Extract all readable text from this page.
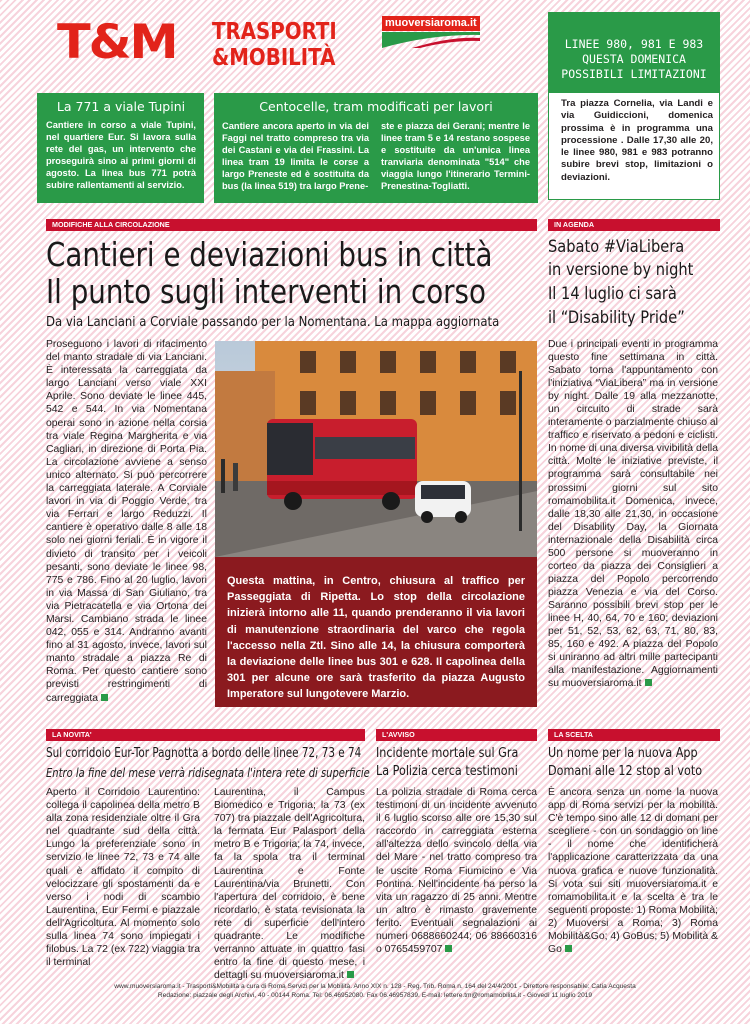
T&M TRASPORTI
&MOBILITÀ
muoversiaroma.it
LINEE 980, 981 E 983
QUESTA DOMENICA
POSSIBILI LIMITAZIONI
Tra piazza Cornelia, via Landi e via Guidiccioni, domenica prossima è in programma una processione . Dalle 17,30 alle 20, le linee 980, 981 e 983 potranno subire brevi stop, limitazioni o deviazioni.
La 771 a viale Tupini
Cantiere in corso a viale Tupini, nel quartiere Eur. Si lavora sulla rete del gas, un intervento che proseguirà sino ai primi giorni di agosto. La linea bus 771 potrà subire rallentamenti al servizio.
Centocelle, tram modificati per lavori
Cantiere ancora aperto in via dei Faggi nel tratto compreso tra via dei Castani e via dei Frassini. La linea tram 19 limita le corse a largo Preneste ed è sostituita da bus (la linea 519) tra largo Prene-
ste e piazza dei Gerani; mentre le linee tram 5 e 14 restano sospese e sostituite da un'unica linea tranviaria denominata "514" che viaggia lungo l'itinerario Termini-Prenestina-Togliatti.
MODIFICHE ALLA CIRCOLAZIONE
Cantieri e deviazioni bus in città
Il punto sugli interventi in corso
Da via Lanciani a Corviale passando per la Nomentana. La mappa aggiornata
Proseguono i lavori di rifacimento del manto stradale di via Lanciani. È interessata la carreggiata da largo Lanciani verso viale XXI Aprile. Sono deviate le linee 445, 542 e 544. In via Nomentana operai sono in azione nella corsia tra viale Regina Margherita e via Cagliari, in direzione di Porta Pia. La circolazione avviene a senso unico alternato. Si può percorrere la carreggiata laterale. A Corviale lavori in via di Poggio Verde, tra via Ferrari e largo Reduzzi. Il cantiere è operativo dalle 8 alle 18 solo nei giorni feriali. È in vigore il divieto di transito per i veicoli pesanti, sono deviate le linee 98, 775 e 786. Fino al 20 luglio, lavori in via Massa di San Giuliano, tra via Pietracatella e via Ortona dei Marsi. Cambiano strada le linee 042, 055 e 314. Andranno avanti fino al 31 agosto, invece, lavori sul manto stradale a piazza Re di Roma. Per questo cantiere sono previsti restringimenti di carreggiata
Questa mattina, in Centro, chiusura al traffico per Passeggiata di Ripetta. Lo stop della circolazione inizierà intorno alle 11, quando prenderanno il via lavori di manutenzione straordinaria del varco che regola l'accesso nella Ztl. Sino alle 14, la chiusura comporterà la deviazione delle linee bus 301 e 628. Il capolinea della 301 per alcune ore sarà trasferito da piazza Augusto Imperatore sul lungotevere Marzio.
IN AGENDA
Sabato #ViaLibera
in versione by night
Il 14 luglio ci sarà
il “Disability Pride”
Due i principali eventi in programma questo fine settimana in città. Sabato torna l'appuntamento con l'iniziativa “ViaLibera” ma in versione by night. Dalle 19 alla mezzanotte, un circuito di strade sarà interamente o parzialmente chiuso al traffico e riservato a pedoni e ciclisti. In nome di una diversa vivibilità della città. Molte le iniziative previste, il programma sarà consultabile nei prossimi giorni sul sito romamobilita.it Domenica, invece, dalle 18,30 alle 21,30, in occasione del Disability Day, la Giornata internazionale della Disabilità circa 500 persone si muoveranno in corteo da piazza dei Consiglieri a piazza del Popolo percorrendo piazza Venezia e via del Corso. Saranno possibili brevi stop per le linee H, 40, 64, 70 e 160; deviazioni per 51, 52, 53, 62, 63, 71, 80, 83, 85, 160 e 492. A piazza del Popolo si uniranno ad altri mille partecipanti alla manifestazione. Aggiornamenti su muoversiaroma.it
LA NOVITA'
Sul corridoio Eur-Tor Pagnotta a bordo delle linee 72, 73 e 74
Entro la fine del mese verrà ridisegnata l'intera rete di superficie
Aperto il Corridoio Laurentino: collega il capolinea della metro B alla zona residenziale oltre il Gra nel quadrante sud della città. Lungo la preferenziale sono in servizio le linee 72, 73 e 74 alle quali è affidato il compito di velocizzare gli spostamenti da e verso i nodi di scambio Laurentina, Eur Fermi e piazzale dell'Agricoltura. Al momento solo sulla linea 74 sono impiegati i filobus. La 72 (ex 722) viaggia tra il terminal
Laurentina, il Campus Biomedico e Trigoria; la 73 (ex 707) tra piazzale dell'Agricoltura, la fermata Eur Palasport della metro B e Trigoria; la 74, invece, fa la spola tra il terminal Laurentina e Fonte Laurentina/via Brunetti. Con l'apertura del corridoio, è bene ricordarlo, è stata revisionata la rete di superficie dell'intero quadrante. Le modifiche verranno attuate in quattro fasi entro la fine di questo mese, i dettagli su muoversiaroma.it
L'AVVISO
Incidente mortale sul Gra
La Polizia cerca testimoni
La polizia stradale di Roma cerca testimoni di un incidente avvenuto il 6 luglio scorso alle ore 15,30 sul raccordo in carreggiata esterna all'altezza dello svincolo della via del Mare - nel tratto compreso tra le uscite Roma Fiumicino e Via Pontina. Nell'incidente ha perso la vita un ragazzo di 25 anni. Mentre un altro è rimasto gravemente ferito. Eventuali segnalazioni ai numeri 0688660244; 06 88660316 o 0765459707
LA SCELTA
Un nome per la nuova App
Domani alle 12 stop al voto
È ancora senza un nome la nuova app di Roma servizi per la mobilità. C'è tempo sino alle 12 di domani per sceglierе - con un sondaggio on line - il nome che identificherà l'applicazione caratterizzata da una nuova grafica e nuove funzionalità. Si vota sui siti muoversiaroma.it e romamobilita.it e la scelta è tra le seguenti proposte: 1) Roma Mobilità; 2) Muoversi a Roma; 3) Roma Mobilità&Go; 4) GoBus; 5) Mobilità & Go
www.muoversiaroma.it - Trasporti&Mobilità a cura di Roma Servizi per la Mobilità. Anno XIX n. 128 - Reg. Trib. Roma n. 164 del 24/4/2001 - Direttore responsabile: Catia Acquesta
Redazione: piazzale degli Archivi, 40 - 00144 Roma. Tel: 06.46952080. Fax 06.46957839. E-mail: lettere.tm@romamobilita.it - Giovedì 11 luglio 2019
